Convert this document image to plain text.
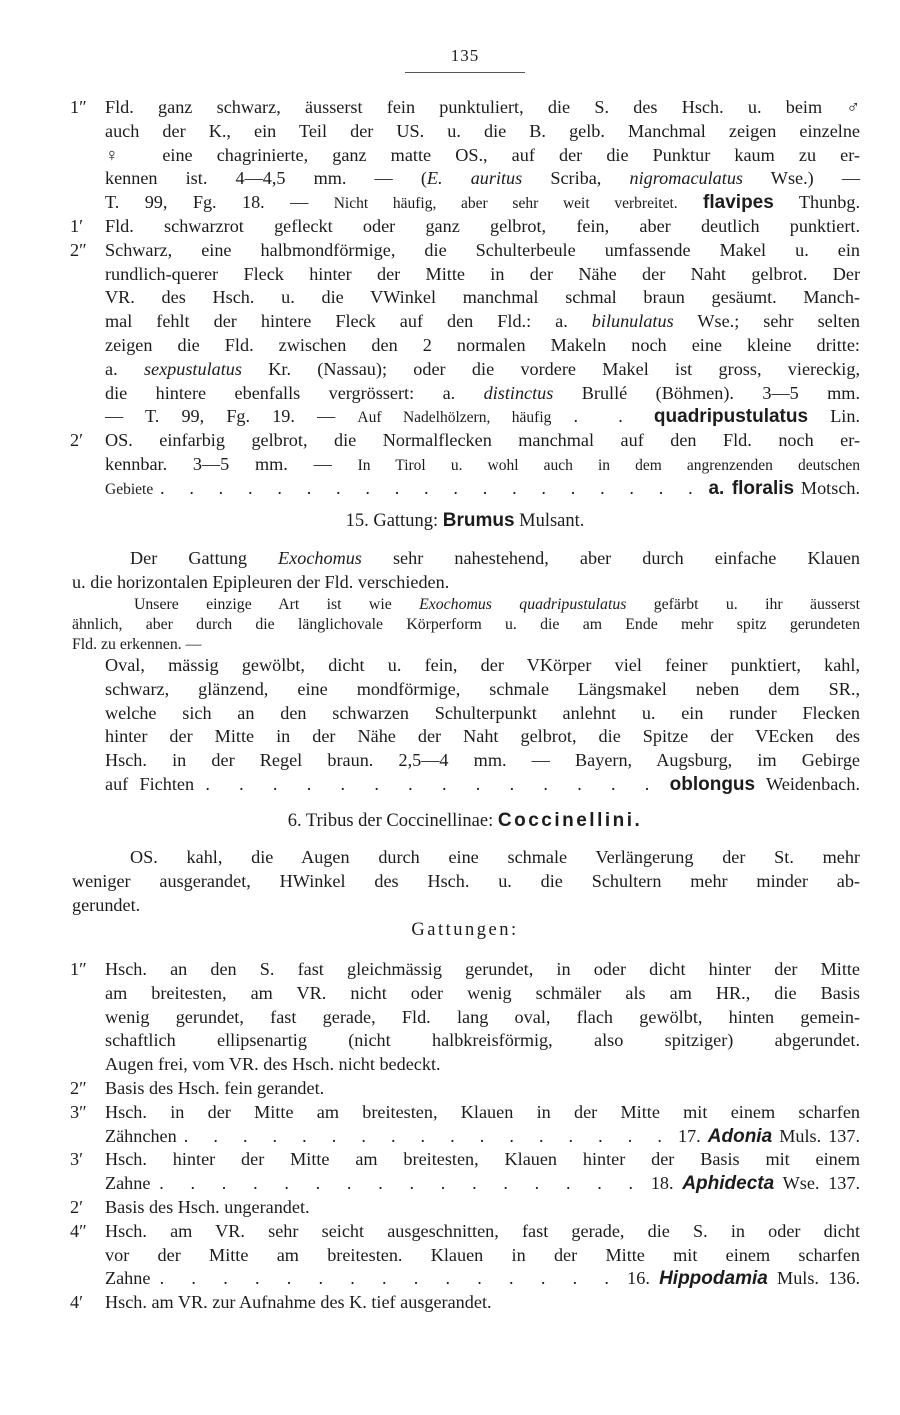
135
1″	Fld. ganz schwarz, äusserst fein punktuliert, die S. des Hsch. u. beim ♂
auch der K., ein Teil der US. u. die B. gelb. Manchmal zeigen einzelne
♀ eine chagrinierte, ganz matte OS., auf der die Punktur kaum zu er-
kennen ist. 4—4,5 mm. — (E. auritus Scriba, nigromaculatus Wse.) —
T. 99, Fg. 18. — Nicht häufig, aber sehr weit verbreitet. flavipes Thunbg.
1′	Fld. schwarzrot gefleckt oder ganz gelbrot, fein, aber deutlich punktiert.
2″	Schwarz, eine halbmondförmige, die Schulterbeule umfassende Makel u. ein
rundlich-querer Fleck hinter der Mitte in der Nähe der Naht gelbrot. Der
VR. des Hsch. u. die VWinkel manchmal schmal braun gesäumt. Manch-
mal fehlt der hintere Fleck auf den Fld.: a. bilunulatus Wse.; sehr selten
zeigen die Fld. zwischen den 2 normalen Makeln noch eine kleine dritte:
a. sexpustulatus Kr. (Nassau); oder die vordere Makel ist gross, viereckig,
die hintere ebenfalls vergrössert: a. distinctus Brullé (Böhmen). 3—5 mm.
— T. 99, Fg. 19. — Auf Nadelhölzern, häufig . . quadripustulatus Lin.
2′	OS. einfarbig gelbrot, die Normalflecken manchmal auf den Fld. noch er-
kennbar. 3—5 mm. — In Tirol u. wohl auch in dem angrenzenden deutschen
Gebiete . . . . . . . . . . . . . . . . . . . a. floralis Motsch.
15. Gattung: Brumus Mulsant.
Der Gattung Exochomus sehr nahestehend, aber durch einfache Klauen
u. die horizontalen Epipleuren der Fld. verschieden.
Unsere einzige Art ist wie Exochomus quadripustulatus gefärbt u. ihr äusserst
ähnlich, aber durch die länglichovale Körperform u. die am Ende mehr spitz gerundeten
Fld. zu erkennen. —
Oval, mässig gewölbt, dicht u. fein, der VKörper viel feiner punktiert, kahl,
schwarz, glänzend, eine mondförmige, schmale Längsmakel neben dem SR.,
welche sich an den schwarzen Schulterpunkt anlehnt u. ein runder Flecken
hinter der Mitte in der Nähe der Naht gelbrot, die Spitze der VEcken des
Hsch. in der Regel braun. 2,5—4 mm. — Bayern, Augsburg, im Gebirge
auf Fichten . . . . . . . . . . . . . . oblongus Weidenbach.
6. Tribus der Coccinellinae: Coccinellini.
OS. kahl, die Augen durch eine schmale Verlängerung der St. mehr
weniger ausgerandet, HWinkel des Hsch. u. die Schultern mehr minder ab-
gerundet.
Gattungen:
1″	Hsch. an den S. fast gleichmässig gerundet, in oder dicht hinter der Mitte
am breitesten, am VR. nicht oder wenig schmäler als am HR., die Basis
wenig gerundet, fast gerade, Fld. lang oval, flach gewölbt, hinten gemein-
schaftlich ellipsenartig (nicht halbkreisförmig, also spitziger) abgerundet.
Augen frei, vom VR. des Hsch. nicht bedeckt.
2″	Basis des Hsch. fein gerandet.
3″	Hsch. in der Mitte am breitesten, Klauen in der Mitte mit einem scharfen
Zähnchen . . . . . . . . . . . . . . . . . 17. Adonia Muls. 137.
3′	Hsch. hinter der Mitte am breitesten, Klauen hinter der Basis mit einem
Zahne . . . . . . . . . . . . . . . . 18. Aphidecta Wse. 137.
2′	Basis des Hsch. ungerandet.
4″	Hsch. am VR. sehr seicht ausgeschnitten, fast gerade, die S. in oder dicht
vor der Mitte am breitesten. Klauen in der Mitte mit einem scharfen
Zahne . . . . . . . . . . . . . . . 16. Hippodamia Muls. 136.
4′	Hsch. am VR. zur Aufnahme des K. tief ausgerandet.
